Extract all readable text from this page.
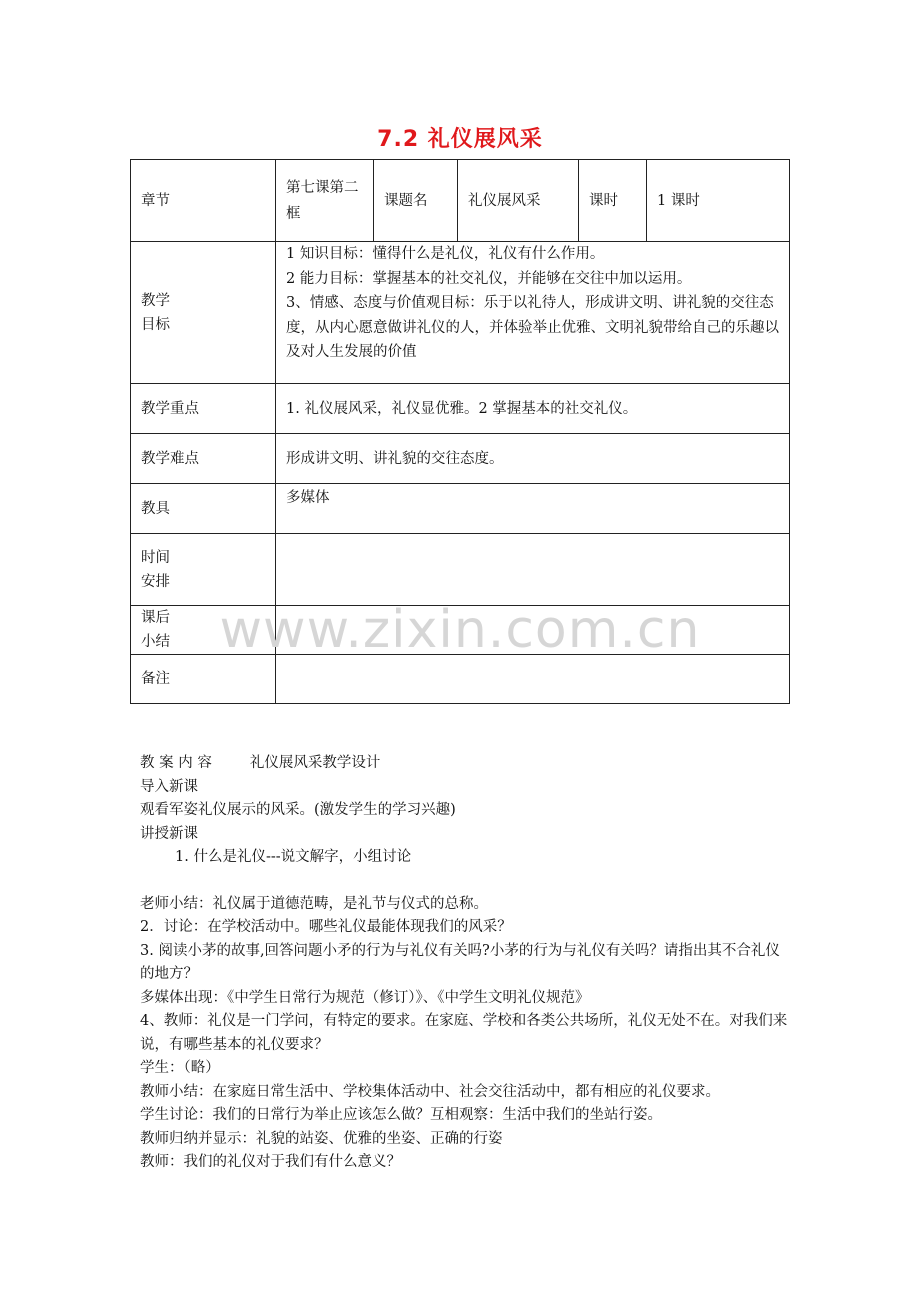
7.2 礼仪展风采
章节	第七课第二框	课题名	礼仪展风采	课时	1 课时

教学
目标	1 知识目标：懂得什么是礼仪，礼仪有什么作用。
2 能力目标：掌握基本的社交礼仪，并能够在交往中加以运用。
3、情感、态度与价值观目标：乐于以礼待人，形成讲文明、讲礼貌的交往态度，从内心愿意做讲礼仪的人，并体验举止优雅、文明礼貌带给自己的乐趣以及对人生发展的价值				

教学重点	1. 礼仪展风采，礼仪显优雅。2 掌握基本的社交礼仪。				
教学难点	形成讲文明、讲礼貌的交往态度。				
教具	多媒体				

时间
安排					

课后
小结					

备注					
www.zixin.com.cn

教 案 内 容	礼仪展风采教学设计

导入新课

观看军姿礼仪展示的风采。(激发学生的学习兴趣)

讲授新课

1. 什么是礼仪---说文解字，小组讨论

老师小结：礼仪属于道德范畴，是礼节与仪式的总称。

2．讨论：在学校活动中。哪些礼仪最能体现我们的风采？

3. 阅读小茅的故事,回答问题小矛的行为与礼仪有关吗?小茅的行为与礼仪有关吗？请指出其不合礼仪的地方？

多媒体出现：《中学生日常行为规范（修订）》、《中学生文明礼仪规范》

4、教师：礼仪是一门学问，有特定的要求。在家庭、学校和各类公共场所，礼仪无处不在。对我们来说，有哪些基本的礼仪要求？

学生：（略）

教师小结：在家庭日常生活中、学校集体活动中、社会交往活动中，都有相应的礼仪要求。

学生讨论：我们的日常行为举止应该怎么做？互相观察：生活中我们的坐站行姿。

教师归纳并显示：礼貌的站姿、优雅的坐姿、正确的行姿

教师：我们的礼仪对于我们有什么意义？
